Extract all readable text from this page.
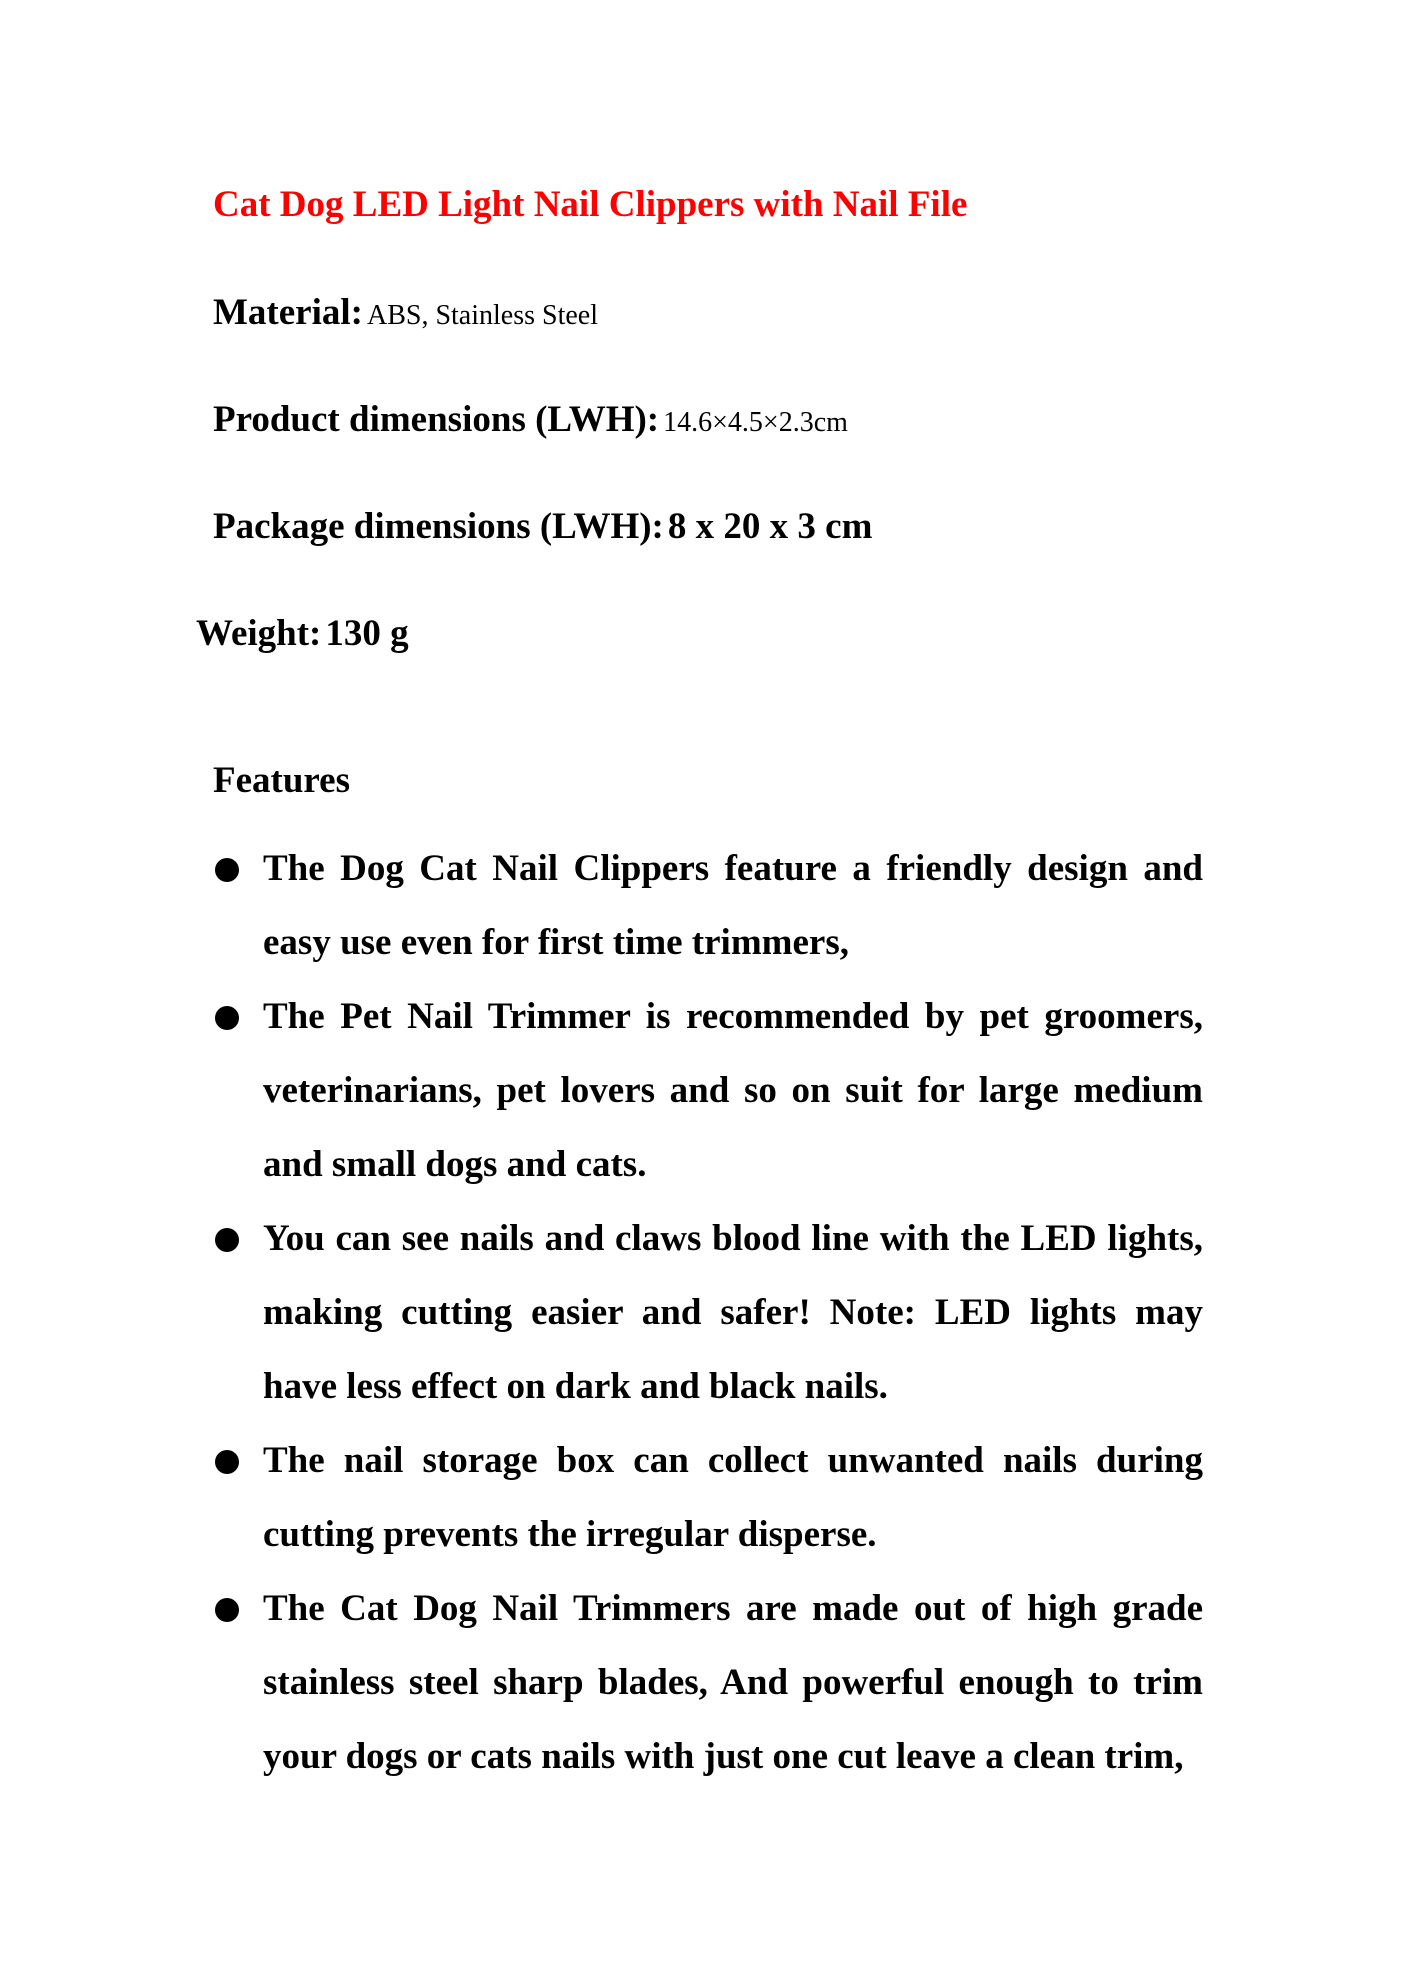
Cat Dog LED Light Nail Clippers with Nail File

Material: ABS, Stainless Steel

Product dimensions (LWH): 14.6×4.5×2.3cm

Package dimensions (LWH): 8 x 20 x 3 cm

Weight: 130 g

Features
The Dog Cat Nail Clippers feature a friendly design and easy use even for first time trimmers,
The Pet Nail Trimmer is recommended by pet groomers, veterinarians, pet lovers and so on suit for large medium and small dogs and cats.
You can see nails and claws blood line with the LED lights, making cutting easier and safer! Note: LED lights may have less effect on dark and black nails.
The nail storage box can collect unwanted nails during cutting prevents the irregular disperse.
The Cat Dog Nail Trimmers are made out of high grade stainless steel sharp blades, And powerful enough to trim your dogs or cats nails with just one cut leave a clean trim,
